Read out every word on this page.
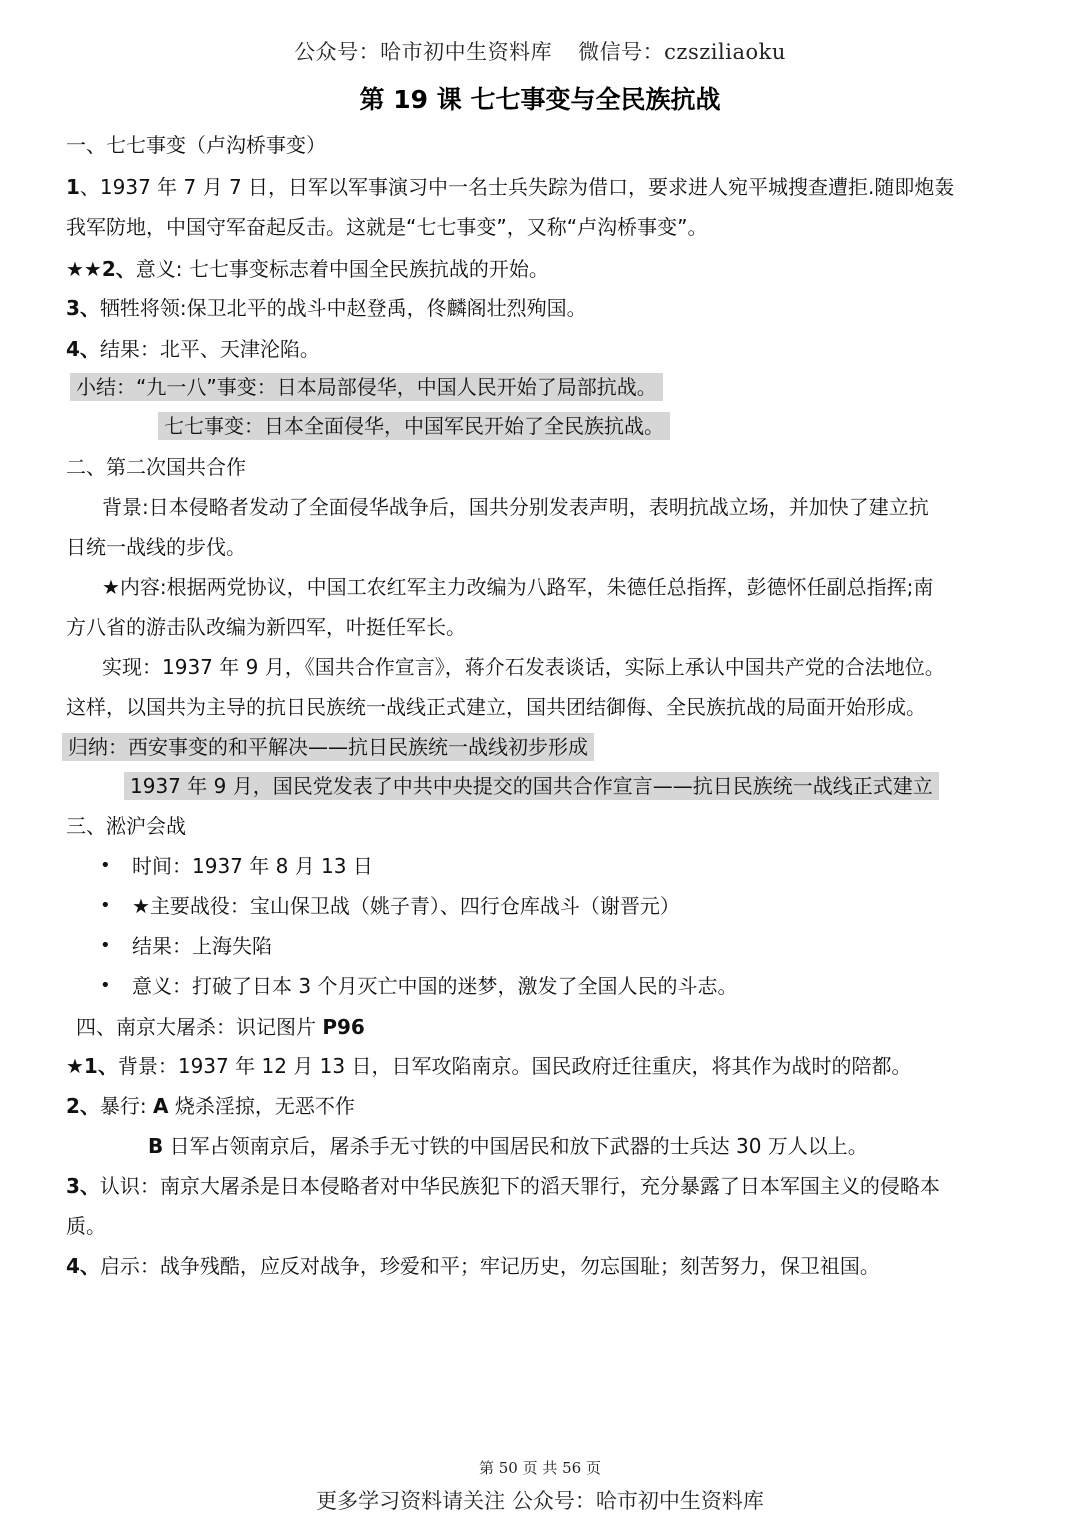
公众号：哈市初中生资料库 微信号：czsziliaoku
第 19 课 七七事变与全民族抗战
一、七七事变（卢沟桥事变）
1、1937 年 7 月 7 日，日军以军事演习中一名士兵失踪为借口，要求进人宛平城搜查遭拒.随即炮轰
我军防地，中国守军奋起反击。这就是“七七事变”，又称“卢沟桥事变”。
★★2、意义: 七七事变标志着中国全民族抗战的开始。
3、牺牲将领:保卫北平的战斗中赵登禹，佟麟阁壮烈殉国。
4、结果：北平、天津沦陷。
小结：“九一八”事变：日本局部侵华，中国人民开始了局部抗战。
七七事变：日本全面侵华，中国军民开始了全民族抗战。
二、第二次国共合作
背景:日本侵略者发动了全面侵华战争后，国共分别发表声明，表明抗战立场，并加快了建立抗
日统一战线的步伐。
★内容:根据两党协议，中国工农红军主力改编为八路军，朱德任总指挥，彭德怀任副总指挥;南
方八省的游击队改编为新四军，叶挺任军长。
实现：1937 年 9 月，《国共合作宣言》，蒋介石发表谈话，实际上承认中国共产党的合法地位。
这样，以国共为主导的抗日民族统一战线正式建立，国共团结御侮、全民族抗战的局面开始形成。
归纳：西安事变的和平解决——抗日民族统一战线初步形成
1937 年 9 月，国民党发表了中共中央提交的国共合作宣言——抗日民族统一战线正式建立
三、淞沪会战
• 时间：1937 年 8 月 13 日
• ★主要战役：宝山保卫战（姚子青）、四行仓库战斗（谢晋元）
• 结果：上海失陷
• 意义：打破了日本 3 个月灭亡中国的迷梦，激发了全国人民的斗志。
四、南京大屠杀：识记图片 P96
★1、背景：1937 年 12 月 13 日，日军攻陷南京。国民政府迁往重庆，将其作为战时的陪都。
2、暴行: A 烧杀淫掠，无恶不作
B 日军占领南京后，屠杀手无寸铁的中国居民和放下武器的士兵达 30 万人以上。
3、认识：南京大屠杀是日本侵略者对中华民族犯下的滔天罪行，充分暴露了日本军国主义的侵略本
质。
4、启示：战争残酷，应反对战争，珍爱和平；牢记历史，勿忘国耻；刻苦努力，保卫祖国。
第 50 页 共 56 页
更多学习资料请关注 公众号：哈市初中生资料库
